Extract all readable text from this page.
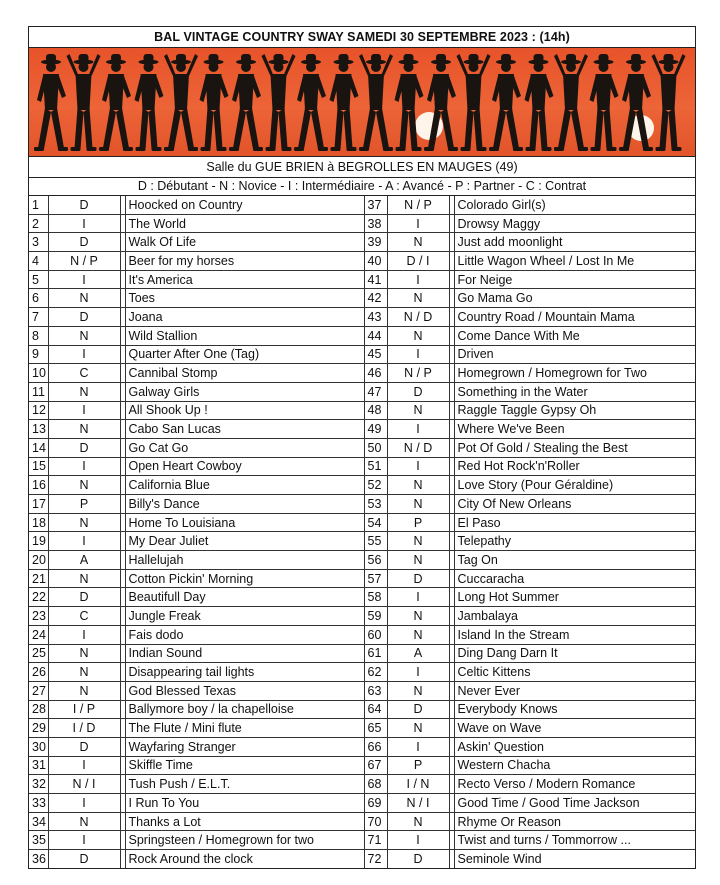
BAL VINTAGE COUNTRY SWAY SAMEDI 30 SEPTEMBRE 2023 : (14h)
Salle du GUE BRIEN à BEGROLLES EN MAUGES (49)
D : Débutant - N : Novice - I : Intermédiaire - A : Avancé - P : Partner - C : Contrat
1	D		Hoocked on Country	37	N / P		Colorado Girl(s)
2	I		The World	38	I		Drowsy Maggy
3	D		Walk Of Life	39	N		Just add moonlight
4	N / P		Beer for my horses	40	D / I		Little Wagon Wheel / Lost In Me
5	I		It's America	41	I		For Neige
6	N		Toes	42	N		Go Mama Go
7	D		Joana	43	N / D		Country Road / Mountain Mama
8	N		Wild Stallion	44	N		Come Dance With Me
9	I		Quarter After One (Tag)	45	I		Driven
10	C		Cannibal Stomp	46	N / P		Homegrown / Homegrown for Two
11	N		Galway Girls	47	D		Something in the Water
12	I		All Shook Up !	48	N		Raggle Taggle Gypsy Oh
13	N		Cabo San Lucas	49	I		Where We've Been
14	D		Go Cat Go	50	N / D		Pot Of Gold / Stealing the Best
15	I		Open Heart Cowboy	51	I		Red Hot Rock'n'Roller
16	N		California Blue	52	N		Love Story (Pour Géraldine)
17	P		Billy's Dance	53	N		City Of New Orleans
18	N		Home To Louisiana	54	P		El Paso
19	I		My Dear Juliet	55	N		Telepathy
20	A		Hallelujah	56	N		Tag On
21	N		Cotton Pickin' Morning	57	D		Cuccaracha
22	D		Beautifull Day	58	I		Long Hot Summer
23	C		Jungle Freak	59	N		Jambalaya
24	I		Fais dodo	60	N		Island In the Stream
25	N		Indian Sound	61	A		Ding Dang Darn It
26	N		Disappearing tail lights	62	I		Celtic Kittens
27	N		God Blessed Texas	63	N		Never Ever
28	I / P		Ballymore boy / la chapelloise	64	D		Everybody Knows
29	I / D		The Flute / Mini flute	65	N		Wave on Wave
30	D		Wayfaring Stranger	66	I		Askin' Question
31	I		Skiffle Time	67	P		Western Chacha
32	N / I		Tush Push / E.L.T.	68	I / N		Recto Verso / Modern Romance
33	I		I Run To You	69	N / I		Good Time / Good Time Jackson
34	N		Thanks a Lot	70	N		Rhyme Or Reason
35	I		Springsteen / Homegrown for two	71	I		Twist and turns / Tommorrow ...
36	D		Rock Around the clock	72	D		Seminole Wind
